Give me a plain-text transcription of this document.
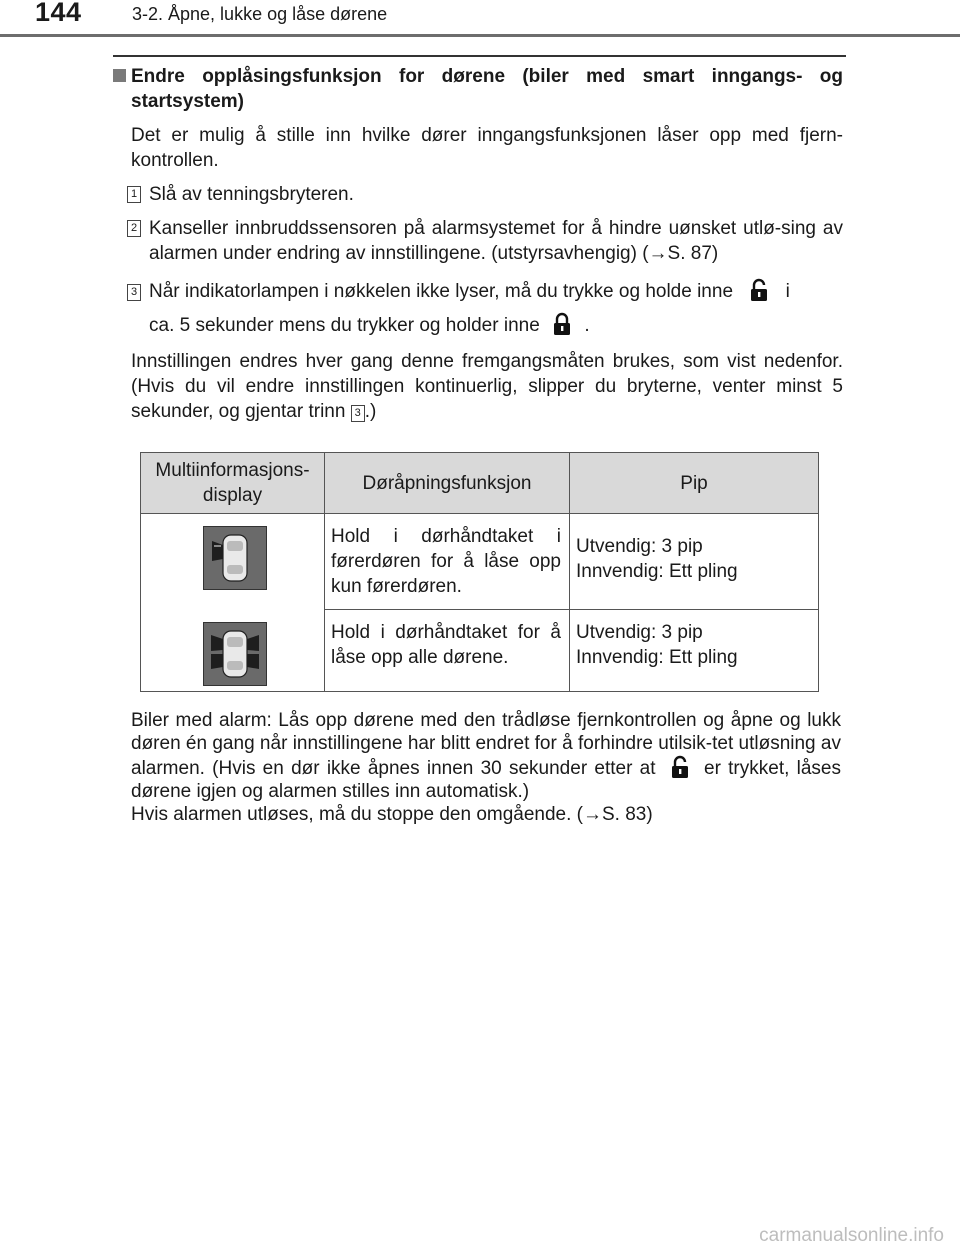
144	3-2. Åpne, lukke og låse dørene
Endre opplåsingsfunksjon for dørene (biler med smart inngangs- og startsystem)

Det er mulig å stille inn hvilke dører inngangsfunksjonen låser opp med fjern-kontrollen.

1 Slå av tenningsbryteren.
2 Kanseller innbruddssensoren på alarmsystemet for å hindre uønsket utlø-sing av alarmen under endring av innstillingene. (utstyrsavhengig) (→S. 87)
3 Når indikatorlampen i nøkkelen ikke lyser, må du trykke og holde inne	i
ca. 5 sekunder mens du trykker og holder inne .

Innstillingen endres hver gang denne fremgangsmåten brukes, som vist nedenfor. (Hvis du vil endre innstillingen kontinuerlig, slipper du bryterne, venter minst 5 sekunder, og gjentar trinn 3 .)

Multiinformasjons-display	Døråpningsfunksjon	Pip

	Hold i dørhåndtaket i førerdøren for å låse opp kun førerdøren.	Utvendig: 3 pip
Innvendig: Ett pling

	Hold i dørhåndtaket for å låse opp alle dørene.	Utvendig: 3 pip
Innvendig: Ett pling
Biler med alarm: Lås opp dørene med den trådløse fjernkontrollen og åpne og lukk døren én gang når innstillingene har blitt endret for å forhindre utilsik-tet utløsning av alarmen. (Hvis en dør ikke åpnes innen 30 sekunder etter at	er trykket, låses dørene igjen og alarmen stilles inn automatisk.)
Hvis alarmen utløses, må du stoppe den omgående. (→S. 83)
carmanualsonline.info
